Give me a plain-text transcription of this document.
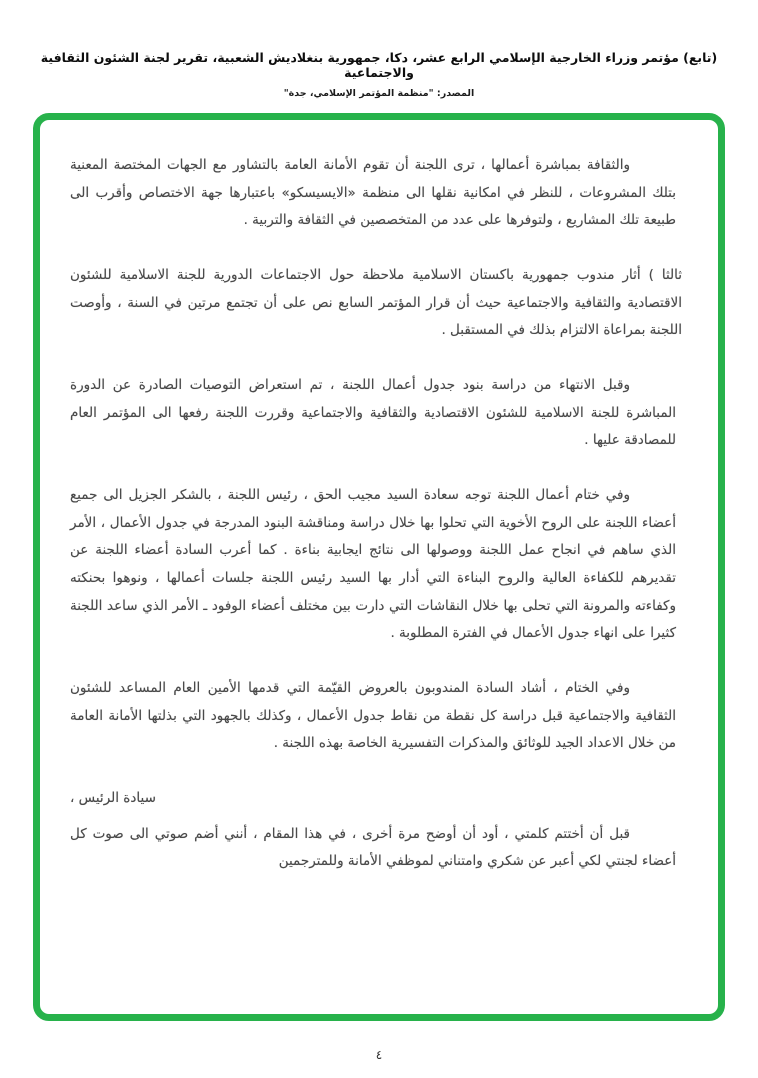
(تابع) مؤتمر وزراء الخارجية الإسلامي الرابع عشر، دكا، جمهورية بنغلاديش الشعبية، تقرير لجنة الشئون الثقافية والاجتماعية
المصدر: "منظمة المؤتمر الإسلامي، جدة"

والثقافة بمباشرة أعمالها ، ترى اللجنة أن تقوم الأمانة العامة بالتشاور مع الجهات المختصة المعنية بتلك المشروعات ، للنظر في امكانية نقلها الى منظمة «الايسيسكو» باعتبارها جهة الاختصاص وأقرب الى طبيعة تلك المشاريع ، ولتوفرها على عدد من المتخصصين في الثقافة والتربية .

ثالثا ) أثار مندوب جمهورية باكستان الاسلامية ملاحظة حول الاجتماعات الدورية للجنة الاسلامية للشئون الاقتصادية والثقافية والاجتماعية حيث أن قرار المؤتمر السابع نص على أن تجتمع مرتين في السنة ، وأوصت اللجنة بمراعاة الالتزام بذلك في المستقبل .

وقبل الانتهاء من دراسة بنود جدول أعمال اللجنة ، تم استعراض التوصيات الصادرة عن الدورة المباشرة للجنة الاسلامية للشئون الاقتصادية والثقافية والاجتماعية وقررت اللجنة رفعها الى المؤتمر العام للمصادقة عليها .

وفي ختام أعمال اللجنة توجه سعادة السيد مجيب الحق ، رئيس اللجنة ، بالشكر الجزيل الى جميع أعضاء اللجنة على الروح الأخوية التي تحلوا بها خلال دراسة ومناقشة البنود المدرجة في جدول الأعمال ، الأمر الذي ساهم في انجاح عمل اللجنة ووصولها الى نتائج ايجابية بناءة . كما أعرب السادة أعضاء اللجنة عن تقديرهم للكفاءة العالية والروح البناءة التي أدار بها السيد رئيس اللجنة جلسات أعمالها ، ونوهوا بحنكته وكفاءته والمرونة التي تحلى بها خلال النقاشات التي دارت بين مختلف أعضاء الوفود ـ الأمر الذي ساعد اللجنة كثيرا على انهاء جدول الأعمال في الفترة المطلوبة .

وفي الختام ، أشاد السادة المندوبون بالعروض القيّمة التي قدمها الأمين العام المساعد للشئون الثقافية والاجتماعية قبل دراسة كل نقطة من نقاط جدول الأعمال ، وكذلك بالجهود التي بذلتها الأمانة العامة من خلال الاعداد الجيد للوثائق والمذكرات التفسيرية الخاصة بهذه اللجنة .

سيادة الرئيس ،

قبل أن أختتم كلمتي ، أود أن أوضح مرة أخرى ، في هذا المقام ، أنني أضم صوتي الى صوت كل أعضاء لجنتي لكي أعبر عن شكري وامتناني لموظفي الأمانة وللمترجمين

٤
